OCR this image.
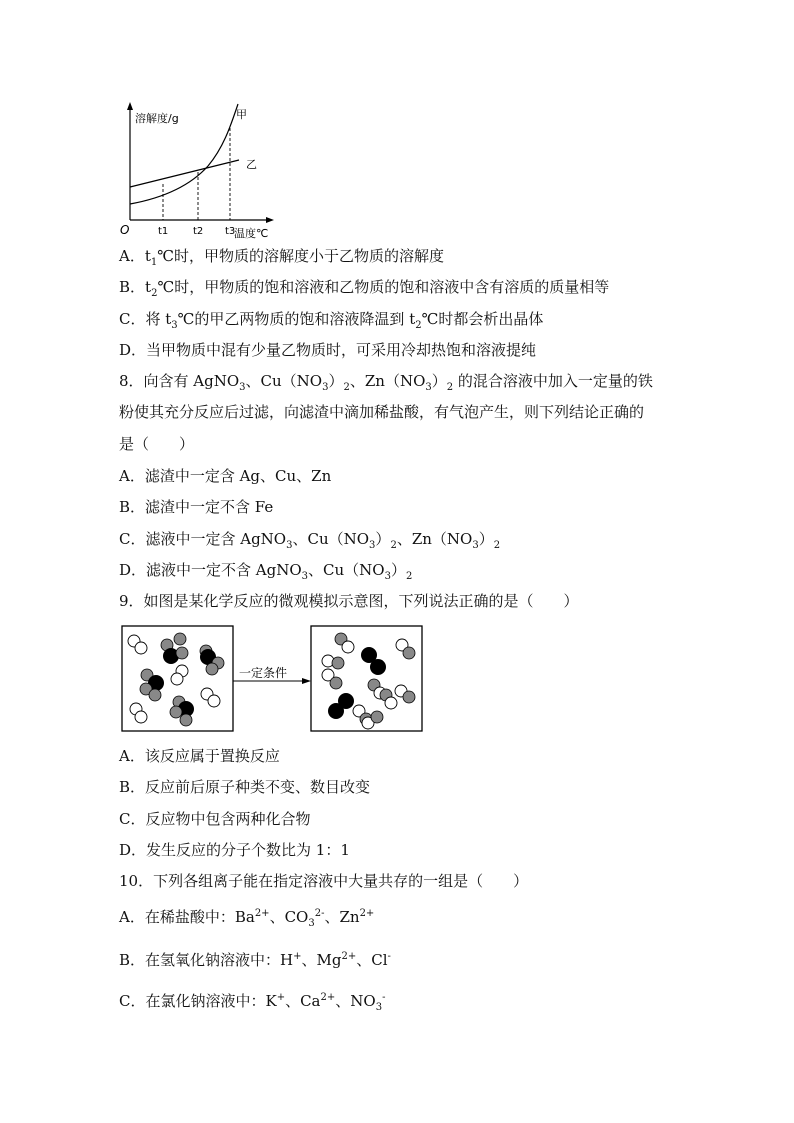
溶解度/g	甲
乙
O	t1 t2 t3
温度℃
A．$t_1℃$时，甲物质的溶解度小于乙物质的溶解度
B．$t_2℃$时，甲物质的饱和溶液和乙物质的饱和溶液中含有溶质的质量相等
C．将 $t_3℃$的甲乙两物质的饱和溶液降温到 $t_2℃$时都会析出晶体
D．当甲物质中混有少量乙物质时，可采用冷却热饱和溶液提纯
8．向含有 AgNO$_3$、$Cu(NO_3)_2$、$Zn(NO_3)_2$ 的混合溶液中加入一定量的铁
粉使其充分反应后过滤，向滤渣中滴加稀盐酸，有气泡产生，则下列结论正确的
是（　　）
A．滤渣中一定含 Ag、Cu、Zn
B．滤渣中一定不含 Fe
C．滤液中一定含 AgNO$_3$、$Cu(NO_3)_2$、$Zn(NO_3)_2$
D．滤液中一定不含 AgNO$_3$、$Cu(NO_3)_2$
9．如图是某化学反应的微观模拟示意图，下列说法正确的是（　　）
一定条件
A．该反应属于置换反应
B．反应前后原子种类不变、数目改变
C．反应物中包含两种化合物
D．发生反应的分子个数比为 1：1
10．下列各组离子能在指定溶液中大量共存的一组是（　　）
A．在稀盐酸中：$Ba^{2+}$、$CO_3^{2-}$、$Zn^{2+}$
B．在氢氧化钠溶液中：H+、$Mg^{2+}$、Cl-
C．在氯化钠溶液中：K+、$Ca^{2+}$、$NO_3^-$
